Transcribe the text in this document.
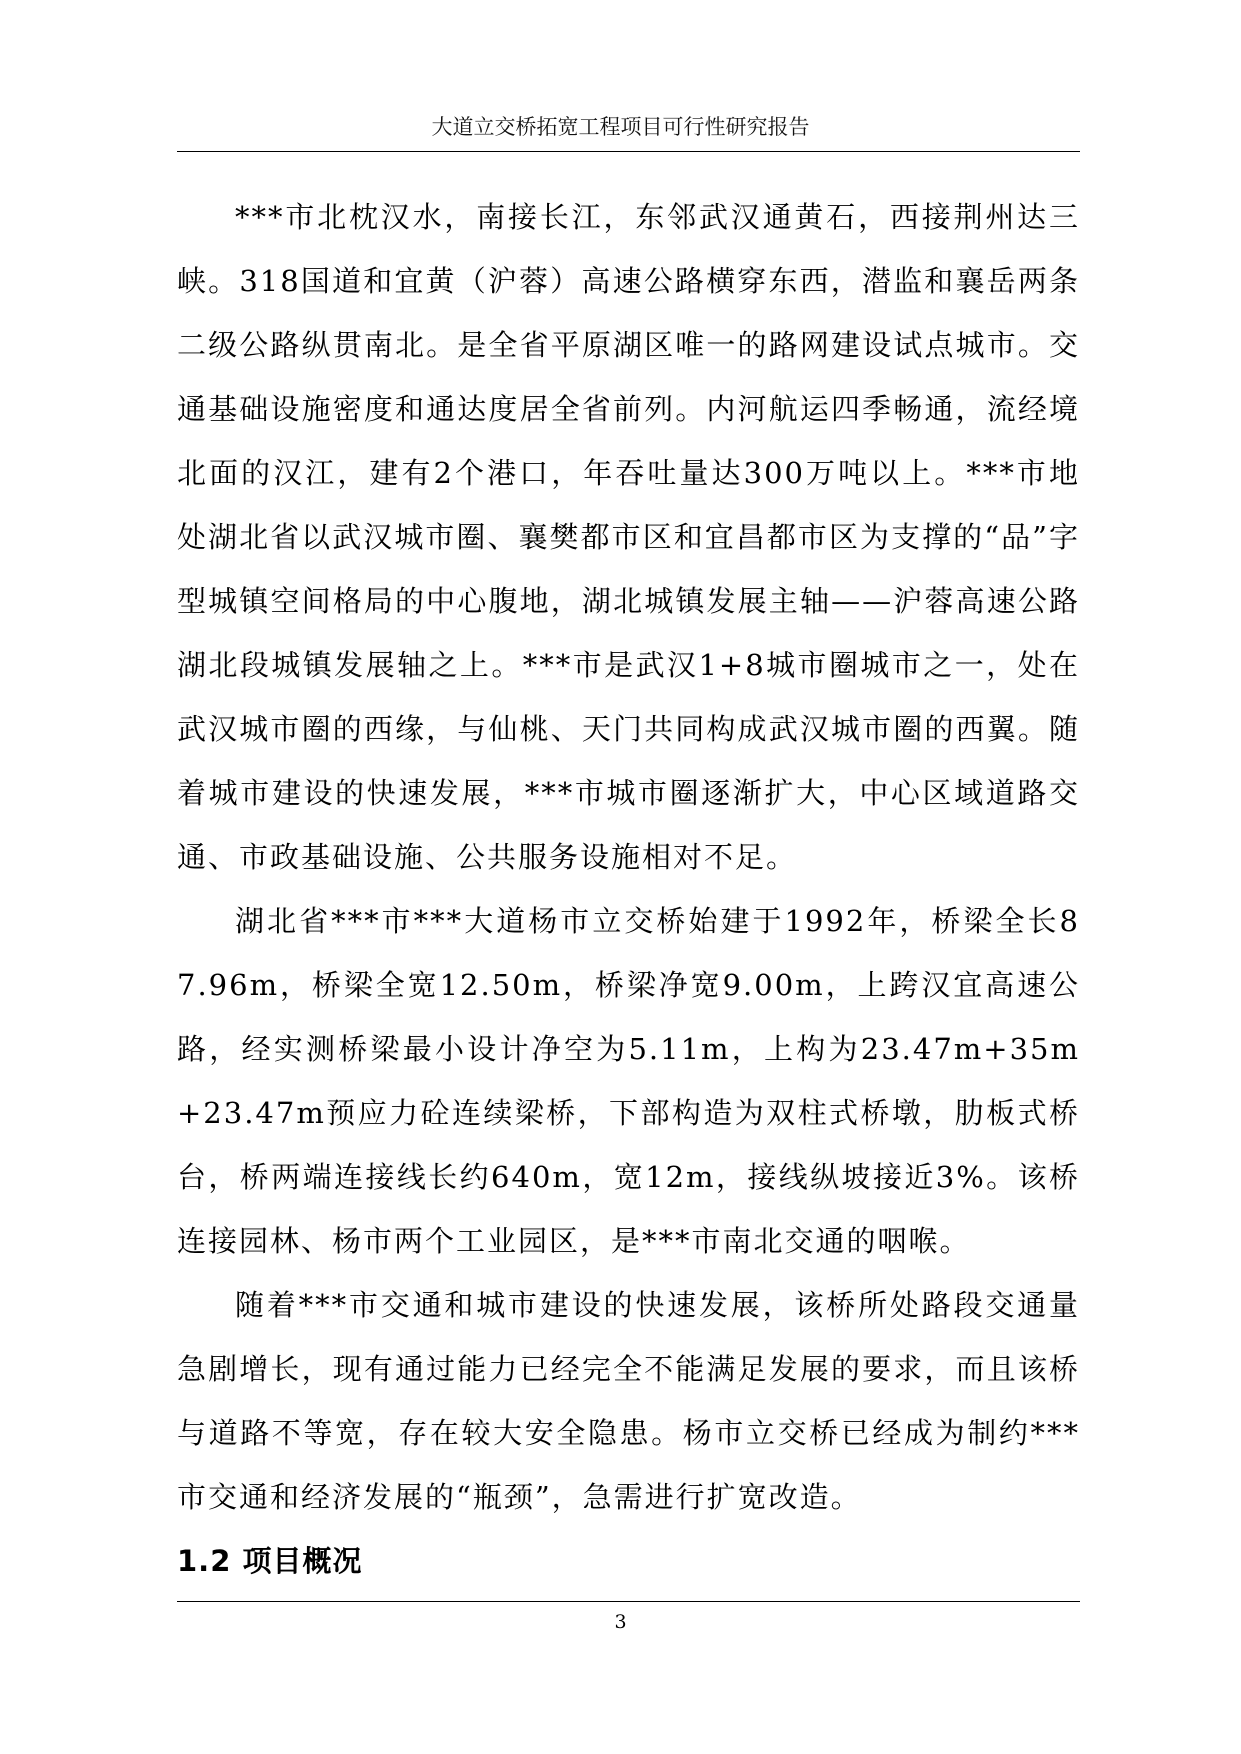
大道立交桥拓宽工程项目可行性研究报告

***市北枕汉水，南接长江，东邻武汉通黄石，西接荆州达三峡。318国道和宜黄（沪蓉）高速公路横穿东西，潜监和襄岳两条二级公路纵贯南北。是全省平原湖区唯一的路网建设试点城市。交通基础设施密度和通达度居全省前列。内河航运四季畅通，流经境北面的汉江，建有2个港口，年吞吐量达300万吨以上。***市地处湖北省以武汉城市圈、襄樊都市区和宜昌都市区为支撑的“品”字型城镇空间格局的中心腹地，湖北城镇发展主轴——沪蓉高速公路湖北段城镇发展轴之上。***市是武汉1+8城市圈城市之一，处在武汉城市圈的西缘，与仙桃、天门共同构成武汉城市圈的西翼。随着城市建设的快速发展，***市城市圈逐渐扩大，中心区域道路交通、市政基础设施、公共服务设施相对不足。

湖北省***市***大道杨市立交桥始建于1992年，桥梁全长87.96m，桥梁全宽12.50m，桥梁净宽9.00m，上跨汉宜高速公路，经实测桥梁最小设计净空为5.11m，上构为23.47m+35m+23.47m预应力砼连续梁桥，下部构造为双柱式桥墩，肋板式桥台，桥两端连接线长约640m，宽12m，接线纵坡接近3%。该桥连接园林、杨市两个工业园区，是***市南北交通的咽喉。

随着***市交通和城市建设的快速发展，该桥所处路段交通量急剧增长，现有通过能力已经完全不能满足发展的要求，而且该桥与道路不等宽，存在较大安全隐患。杨市立交桥已经成为制约***市交通和经济发展的“瓶颈”，急需进行扩宽改造。

1.2 项目概况

3
